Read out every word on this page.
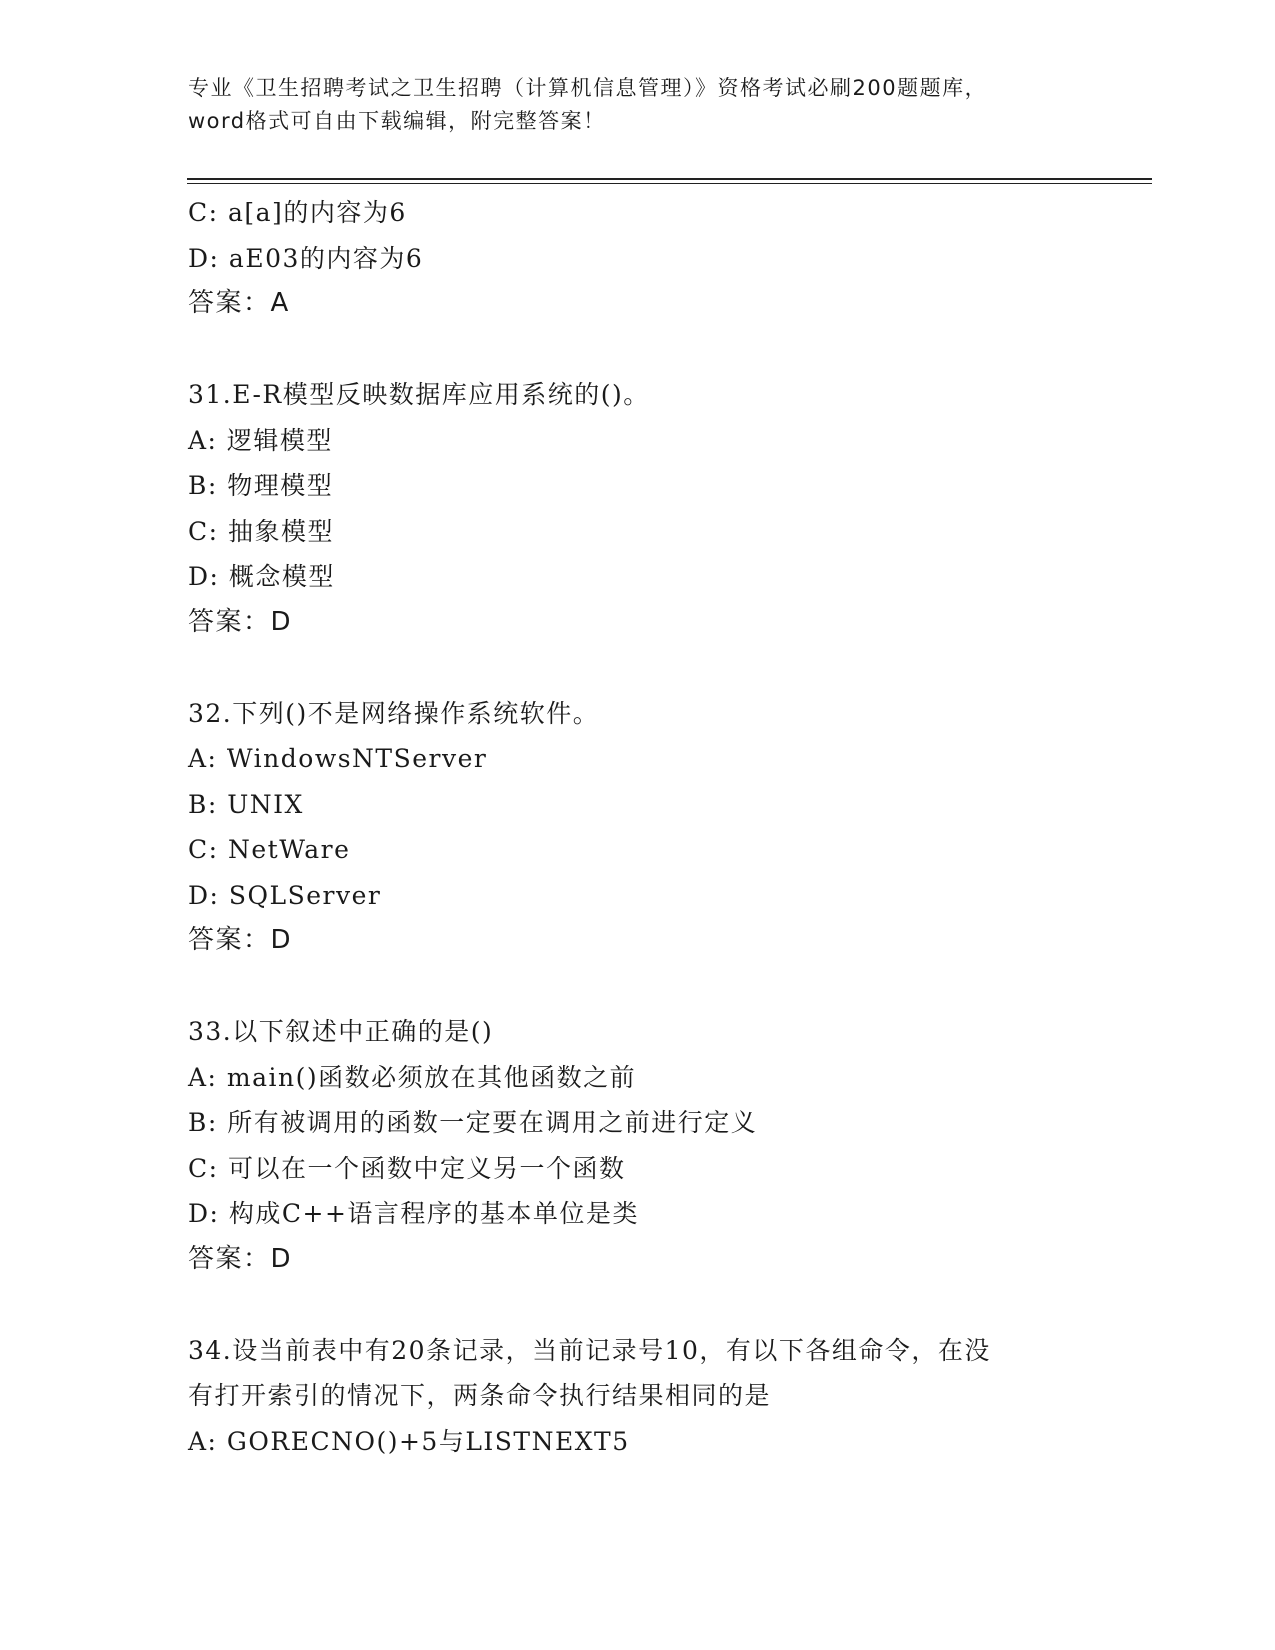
专业《卫生招聘考试之卫生招聘（计算机信息管理）》资格考试必刷200题题库，
word格式可自由下载编辑，附完整答案！
C: a[a]的内容为6
D: aE03的内容为6
答案：A
31.E-R模型反映数据库应用系统的()。
A: 逻辑模型
B: 物理模型
C: 抽象模型
D: 概念模型
答案：D
32.下列()不是网络操作系统软件。
A: WindowsNTServer
B: UNIX
C: NetWare
D: SQLServer
答案：D
33.以下叙述中正确的是()
A: main()函数必须放在其他函数之前
B: 所有被调用的函数一定要在调用之前进行定义
C: 可以在一个函数中定义另一个函数
D: 构成C++语言程序的基本单位是类
答案：D
34.设当前表中有20条记录，当前记录号10，有以下各组命令，在没
有打开索引的情况下，两条命令执行结果相同的是
A: GORECNO()+5与LISTNEXT5
